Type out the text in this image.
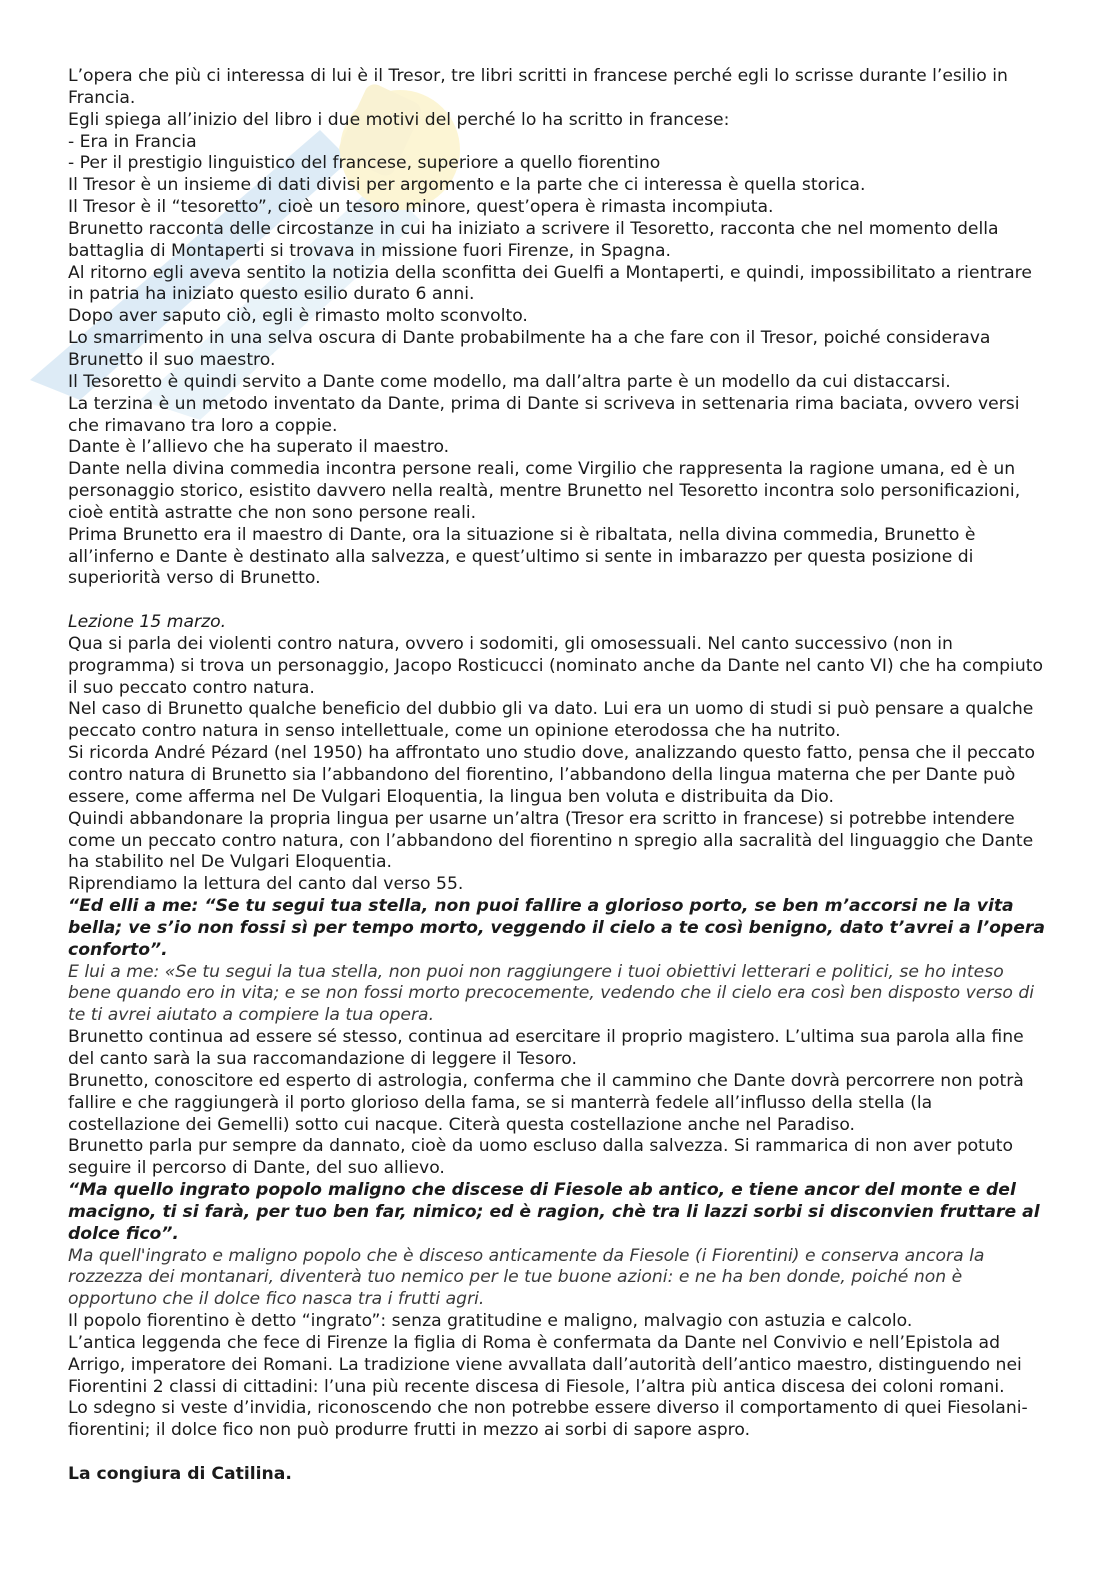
L’opera che più ci interessa di lui è il Tresor, tre libri scritti in francese perché egli lo scrisse durante l’esilio in Francia.

Egli spiega all’inizio del libro i due motivi del perché lo ha scritto in francese:

- Era in Francia

- Per il prestigio linguistico del francese, superiore a quello fiorentino

Il Tresor è un insieme di dati divisi per argomento e la parte che ci interessa è quella storica.

Il Tresor è il “tesoretto”, cioè un tesoro minore, quest’opera è rimasta incompiuta.

Brunetto racconta delle circostanze in cui ha iniziato a scrivere il Tesoretto, racconta che nel momento della battaglia di Montaperti si trovava in missione fuori Firenze, in Spagna.

Al ritorno egli aveva sentito la notizia della sconfitta dei Guelfi a Montaperti, e quindi, impossibilitato a rientrare in patria ha iniziato questo esilio durato 6 anni.

Dopo aver saputo ciò, egli è rimasto molto sconvolto.

Lo smarrimento in una selva oscura di Dante probabilmente ha a che fare con il Tresor, poiché considerava Brunetto il suo maestro.

Il Tesoretto è quindi servito a Dante come modello, ma dall’altra parte è un modello da cui distaccarsi.

La terzina è un metodo inventato da Dante, prima di Dante si scriveva in settenaria rima baciata, ovvero versi che rimavano tra loro a coppie.

Dante è l’allievo che ha superato il maestro.

Dante nella divina commedia incontra persone reali, come Virgilio che rappresenta la ragione umana, ed è un personaggio storico, esistito davvero nella realtà, mentre Brunetto nel Tesoretto incontra solo personificazioni, cioè entità astratte che non sono persone reali.

Prima Brunetto era il maestro di Dante, ora la situazione si è ribaltata, nella divina commedia, Brunetto è all’inferno e Dante è destinato alla salvezza, e quest’ultimo si sente in imbarazzo per questa posizione di superiorità verso di Brunetto.

Lezione 15 marzo.

Qua si parla dei violenti contro natura, ovvero i sodomiti, gli omosessuali. Nel canto successivo (non in programma) si trova un personaggio, Jacopo Rosticucci (nominato anche da Dante nel canto VI) che ha compiuto il suo peccato contro natura.

Nel caso di Brunetto qualche beneficio del dubbio gli va dato. Lui era un uomo di studi si può pensare a qualche peccato contro natura in senso intellettuale, come un opinione eterodossa che ha nutrito.

Si ricorda André Pézard (nel 1950) ha affrontato uno studio dove, analizzando questo fatto, pensa che il peccato contro natura di Brunetto sia l’abbandono del fiorentino, l’abbandono della lingua materna che per Dante può essere, come afferma nel De Vulgari Eloquentia, la lingua ben voluta e distribuita da Dio.

Quindi abbandonare la propria lingua per usarne un’altra (Tresor era scritto in francese) si potrebbe intendere come un peccato contro natura, con l’abbandono del fiorentino n spregio alla sacralità del linguaggio che Dante ha stabilito nel De Vulgari Eloquentia.

Riprendiamo la lettura del canto dal verso 55.

“Ed elli a me: “Se tu segui tua stella, non puoi fallire a glorioso porto, se ben m’accorsi ne la vita bella; ve s’io non fossi sì per tempo morto, veggendo il cielo a te così benigno, dato t’avrei a l’opera conforto”.

E lui a me: «Se tu segui la tua stella, non puoi non raggiungere i tuoi obiettivi letterari e politici, se ho inteso bene quando ero in vita; e se non fossi morto precocemente, vedendo che il cielo era così ben disposto verso di te ti avrei aiutato a compiere la tua opera.

Brunetto continua ad essere sé stesso, continua ad esercitare il proprio magistero. L’ultima sua parola alla fine del canto sarà la sua raccomandazione di leggere il Tesoro.

Brunetto, conoscitore ed esperto di astrologia, conferma che il cammino che Dante dovrà percorrere non potrà fallire e che raggiungerà il porto glorioso della fama, se si manterrà fedele all’influsso della stella (la costellazione dei Gemelli) sotto cui nacque. Citerà questa costellazione anche nel Paradiso.

Brunetto parla pur sempre da dannato, cioè da uomo escluso dalla salvezza. Si rammarica di non aver potuto seguire il percorso di Dante, del suo allievo.

“Ma quello ingrato popolo maligno che discese di Fiesole ab antico, e tiene ancor del monte e del macigno, ti si farà, per tuo ben far, nimico; ed è ragion, chè tra li lazzi sorbi si disconvien fruttare al dolce fico”.

Ma quell'ingrato e maligno popolo che è disceso anticamente da Fiesole (i Fiorentini) e conserva ancora la rozzezza dei montanari, diventerà tuo nemico per le tue buone azioni: e ne ha ben donde, poiché non è opportuno che il dolce fico nasca tra i frutti agri.

Il popolo fiorentino è detto “ingrato”: senza gratitudine e maligno, malvagio con astuzia e calcolo.

L’antica leggenda che fece di Firenze la figlia di Roma è confermata da Dante nel Convivio e nell’Epistola ad Arrigo, imperatore dei Romani. La tradizione viene avvallata dall’autorità dell’antico maestro, distinguendo nei Fiorentini 2 classi di cittadini: l’una più recente discesa di Fiesole, l’altra più antica discesa dei coloni romani.

Lo sdegno si veste d’invidia, riconoscendo che non potrebbe essere diverso il comportamento di quei Fiesolani-fiorentini; il dolce fico non può produrre frutti in mezzo ai sorbi di sapore aspro.

La congiura di Catilina.
